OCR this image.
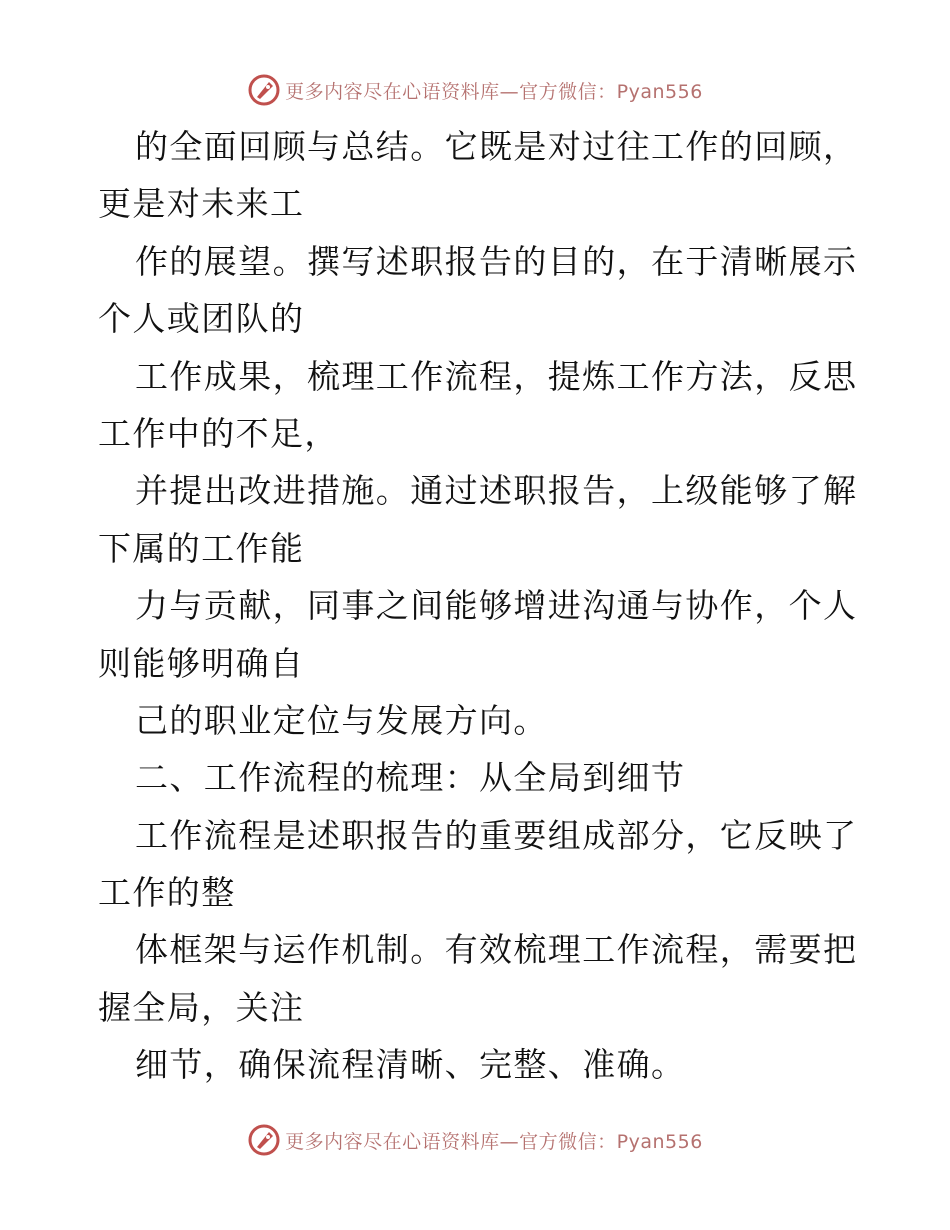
更多内容尽在心语资料库—官方微信：Pyan556
的全面回顾与总结。它既是对过往工作的回顾，
更是对未来工
作的展望。撰写述职报告的目的，在于清晰展示
个人或团队的
工作成果，梳理工作流程，提炼工作方法，反思
工作中的不足，
并提出改进措施。通过述职报告，上级能够了解
下属的工作能
力与贡献，同事之间能够增进沟通与协作，个人
则能够明确自
己的职业定位与发展方向。
二、工作流程的梳理：从全局到细节
工作流程是述职报告的重要组成部分，它反映了
工作的整
体框架与运作机制。有效梳理工作流程，需要把
握全局，关注
细节，确保流程清晰、完整、准确。
更多内容尽在心语资料库—官方微信：Pyan556
